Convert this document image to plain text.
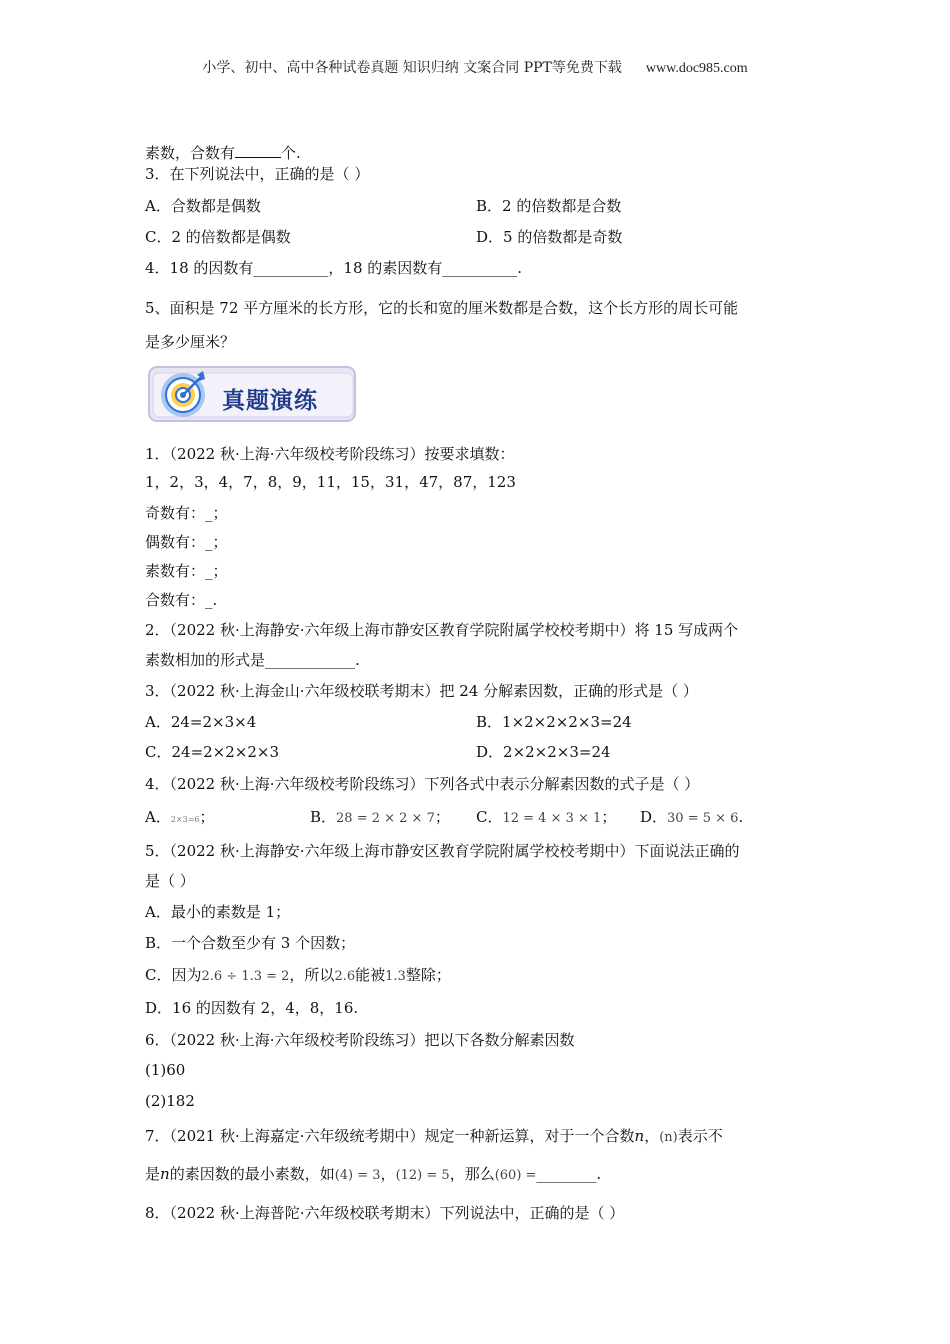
小学、初中、高中各种试卷真题 知识归纳 文案合同 PPT等免费下载 www.doc985.com
素数，合数有	个.
3．在下列说法中，正确的是（ ）
A．合数都是偶数	B．2 的倍数都是合数
C．2 的倍数都是偶数	D．5 的倍数都是奇数
4．18 的因数有__________，18 的素因数有__________.
5、面积是 72 平方厘米的长方形，它的长和宽的厘米数都是合数，这个长方形的周长可能
是多少厘米？
真题演练
1．（2022 秋·上海·六年级校考阶段练习）按要求填数：
1，2，3，4，7，8，9，11，15，31，47，87，123
奇数有：_；
偶数有：_；
素数有：_；
合数有：_.
2．（2022 秋·上海静安·六年级上海市静安区教育学院附属学校校考期中）将 15 写成两个
素数相加的形式是____________.
3．（2022 秋·上海金山·六年级校联考期末）把 24 分解素因数，正确的形式是（ ）
A．24=2×3×4	B．1×2×2×2×3=24
C．24=2×2×2×3	D．2×2×2×3=24
4．（2022 秋·上海·六年级校考阶段练习）下列各式中表示分解素因数的式子是（ ）
A．2×3=6；	B．28 = 2 × 2 × 7； C．12 = 4 × 3 × 1； D．30 = 5 × 6.
5．（2022 秋·上海静安·六年级上海市静安区教育学院附属学校校考期中）下面说法正确的
是（ ）
A．最小的素数是 1；
B．一个合数至少有 3 个因数；
C．因为2.6 ÷ 1.3 = 2，所以2.6能被1.3整除；
D．16 的因数有 2，4，8，16.
6．（2022 秋·上海·六年级校考阶段练习）把以下各数分解素因数
(1)60
(2)182
7．（2021 秋·上海嘉定·六年级统考期中）规定一种新运算，对于一个合数n，(n)表示不
是n的素因数的最小素数，如(4) = 3，(12) = 5，那么(60) =________.
8．（2022 秋·上海普陀·六年级校联考期末）下列说法中，正确的是（ ）
